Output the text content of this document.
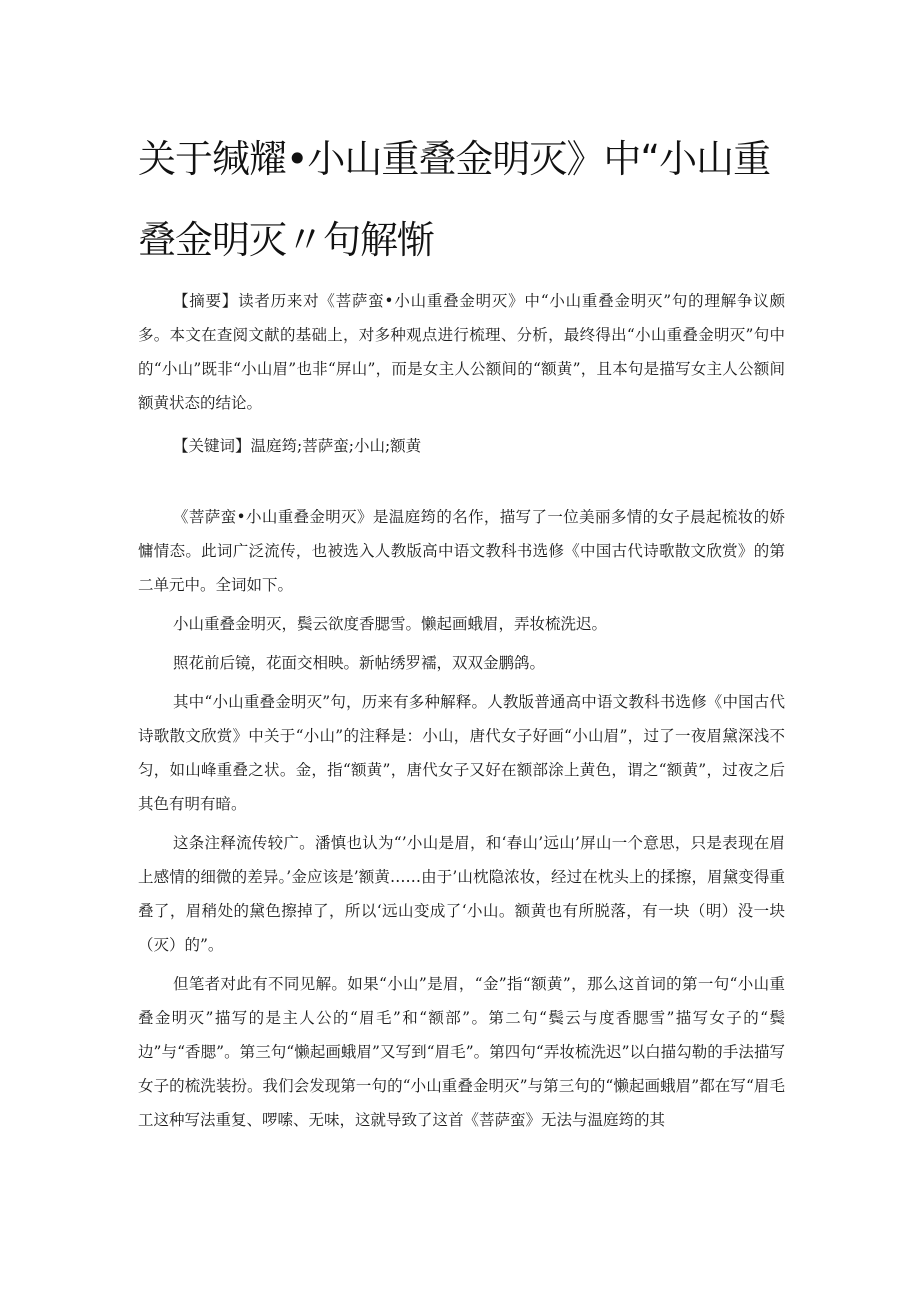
关于缄耀•小山重叠金明灭》中“小山重
叠金明灭〃句解惭

【摘要】读者历来对《菩萨蛮•小山重叠金明灭》中“小山重叠金明灭”句的理解争议颇多。本文在查阅文献的基础上，对多种观点进行梳理、分析，最终得出“小山重叠金明灭”句中的“小山”既非“小山眉”也非“屏山”，而是女主人公额间的“额黄”，且本句是描写女主人公额间额黄状态的结论。

【关键词】温庭筠;菩萨蛮;小山;额黄

《菩萨蛮•小山重叠金明灭》是温庭筠的名作，描写了一位美丽多情的女子晨起梳妆的娇慵情态。此词广泛流传，也被选入人教版高中语文教科书选修《中国古代诗歌散文欣赏》的第二单元中。全词如下。

小山重叠金明灭，鬓云欲度香腮雪。懒起画蛾眉，弄妆梳洗迟。

照花前后镜，花面交相映。新帖绣罗襦，双双金鹏鸽。

其中“小山重叠金明灭”句，历来有多种解释。人教版普通高中语文教科书选修《中国古代诗歌散文欣赏》中关于“小山”的注释是：小山，唐代女子好画“小山眉”，过了一夜眉黛深浅不匀，如山峰重叠之状。金，指“额黄”，唐代女子又好在额部涂上黄色，谓之“额黄”，过夜之后其色有明有暗。

这条注释流传较广。潘慎也认为“’小山是眉，和‘春山’远山’屏山一个意思，只是表现在眉上感情的细微的差异。’金应该是’额黄……由于’山枕隐浓妆，经过在枕头上的揉擦，眉黛变得重叠了，眉稍处的黛色擦掉了，所以‘远山变成了‘小山。额黄也有所脱落，有一块（明）没一块（灭）的”。

但笔者对此有不同见解。如果“小山”是眉，“金”指“额黄”，那么这首词的第一句“小山重叠金明灭”描写的是主人公的“眉毛”和“额部”。第二句“鬓云与度香腮雪”描写女子的“鬓边”与“香腮”。第三句“懒起画蛾眉”又写到“眉毛”。第四句“弄妆梳洗迟”以白描勾勒的手法描写女子的梳洗装扮。我们会发现第一句的“小山重叠金明灭”与第三句的“懒起画蛾眉”都在写“眉毛工这种写法重复、啰嗦、无味，这就导致了这首《菩萨蛮》无法与温庭筠的其
